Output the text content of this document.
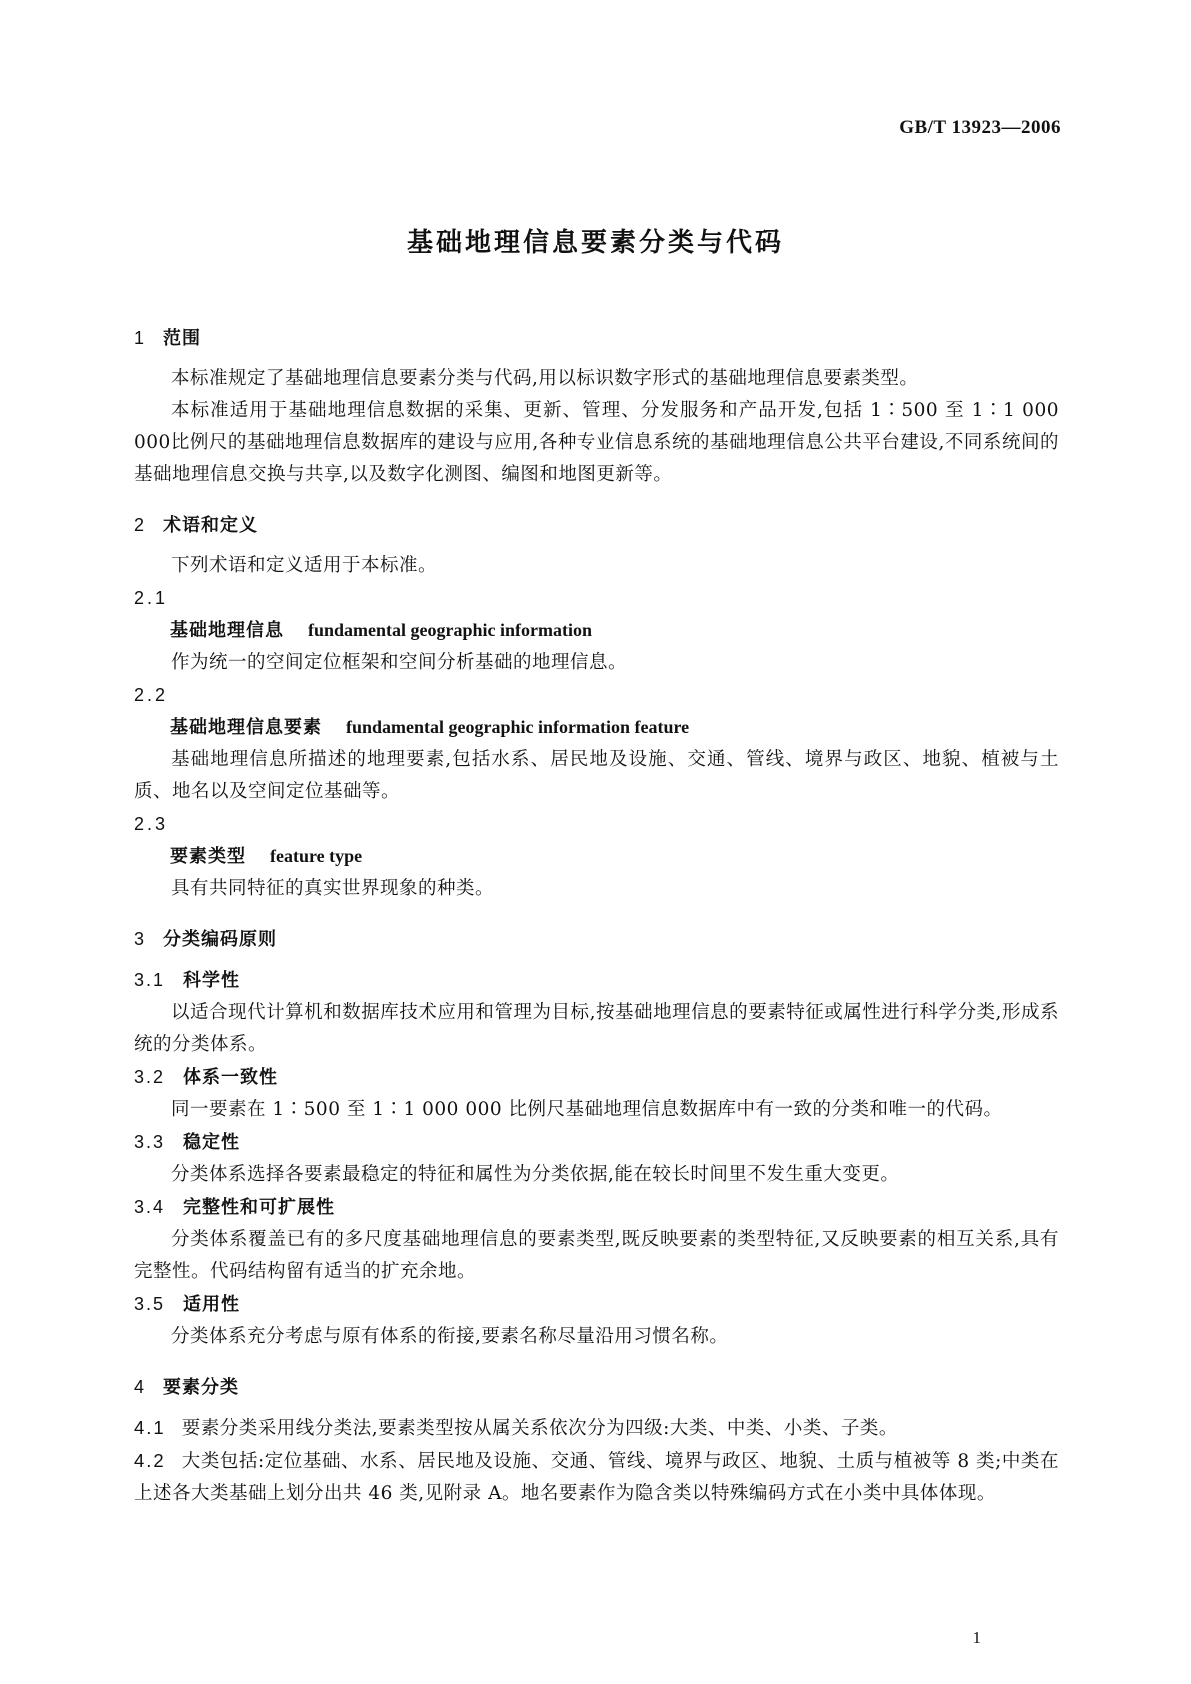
GB/T 13923—2006
基础地理信息要素分类与代码
1 范围
本标准规定了基础地理信息要素分类与代码,用以标识数字形式的基础地理信息要素类型。
本标准适用于基础地理信息数据的采集、更新、管理、分发服务和产品开发,包括 1∶500 至 1∶1 000 000比例尺的基础地理信息数据库的建设与应用,各种专业信息系统的基础地理信息公共平台建设,不同系统间的基础地理信息交换与共享,以及数字化测图、编图和地图更新等。
2 术语和定义
下列术语和定义适用于本标准。
2.1
基础地理信息 fundamental geographic information
作为统一的空间定位框架和空间分析基础的地理信息。
2.2
基础地理信息要素 fundamental geographic information feature
基础地理信息所描述的地理要素,包括水系、居民地及设施、交通、管线、境界与政区、地貌、植被与土质、地名以及空间定位基础等。
2.3
要素类型 feature type
具有共同特征的真实世界现象的种类。
3 分类编码原则
3.1 科学性
以适合现代计算机和数据库技术应用和管理为目标,按基础地理信息的要素特征或属性进行科学分类,形成系统的分类体系。
3.2 体系一致性
同一要素在 1∶500 至 1∶1 000 000 比例尺基础地理信息数据库中有一致的分类和唯一的代码。
3.3 稳定性
分类体系选择各要素最稳定的特征和属性为分类依据,能在较长时间里不发生重大变更。
3.4 完整性和可扩展性
分类体系覆盖已有的多尺度基础地理信息的要素类型,既反映要素的类型特征,又反映要素的相互关系,具有完整性。代码结构留有适当的扩充余地。
3.5 适用性
分类体系充分考虑与原有体系的衔接,要素名称尽量沿用习惯名称。
4 要素分类
4.1 要素分类采用线分类法,要素类型按从属关系依次分为四级:大类、中类、小类、子类。
4.2 大类包括:定位基础、水系、居民地及设施、交通、管线、境界与政区、地貌、土质与植被等 8 类;中类在上述各大类基础上划分出共 46 类,见附录 A。地名要素作为隐含类以特殊编码方式在小类中具体体现。
1
